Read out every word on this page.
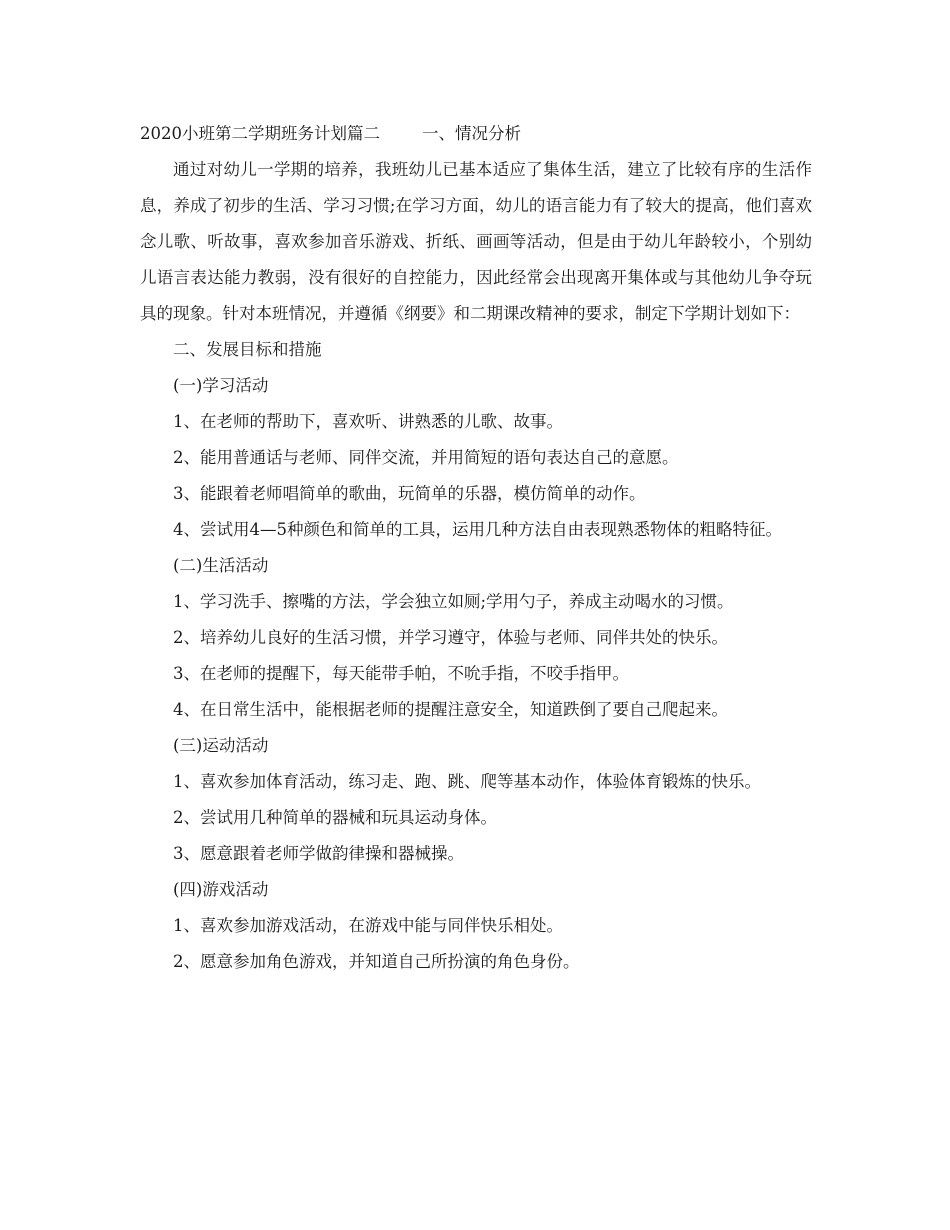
2020小班第二学期班务计划篇二	一、情况分析

通过对幼儿一学期的培养，我班幼儿已基本适应了集体生活，建立了比较有序的生活作息，养成了初步的生活、学习习惯;在学习方面，幼儿的语言能力有了较大的提高，他们喜欢念儿歌、听故事，喜欢参加音乐游戏、折纸、画画等活动，但是由于幼儿年龄较小，个别幼儿语言表达能力教弱，没有很好的自控能力，因此经常会出现离开集体或与其他幼儿争夺玩具的现象。针对本班情况，并遵循《纲要》和二期课改精神的要求，制定下学期计划如下：

二、发展目标和措施

(一)学习活动

1、在老师的帮助下，喜欢听、讲熟悉的儿歌、故事。

2、能用普通话与老师、同伴交流，并用简短的语句表达自己的意愿。

3、能跟着老师唱简单的歌曲，玩简单的乐器，模仿简单的动作。

4、尝试用4—5种颜色和简单的工具，运用几种方法自由表现熟悉物体的粗略特征。

(二)生活活动

1、学习洗手、擦嘴的方法，学会独立如厕;学用勺子，养成主动喝水的习惯。

2、培养幼儿良好的生活习惯，并学习遵守，体验与老师、同伴共处的快乐。

3、在老师的提醒下，每天能带手帕，不吮手指，不咬手指甲。

4、在日常生活中，能根据老师的提醒注意安全，知道跌倒了要自己爬起来。

(三)运动活动

1、喜欢参加体育活动，练习走、跑、跳、爬等基本动作，体验体育锻炼的快乐。

2、尝试用几种简单的器械和玩具运动身体。

3、愿意跟着老师学做韵律操和器械操。

(四)游戏活动

1、喜欢参加游戏活动，在游戏中能与同伴快乐相处。

2、愿意参加角色游戏，并知道自己所扮演的角色身份。
